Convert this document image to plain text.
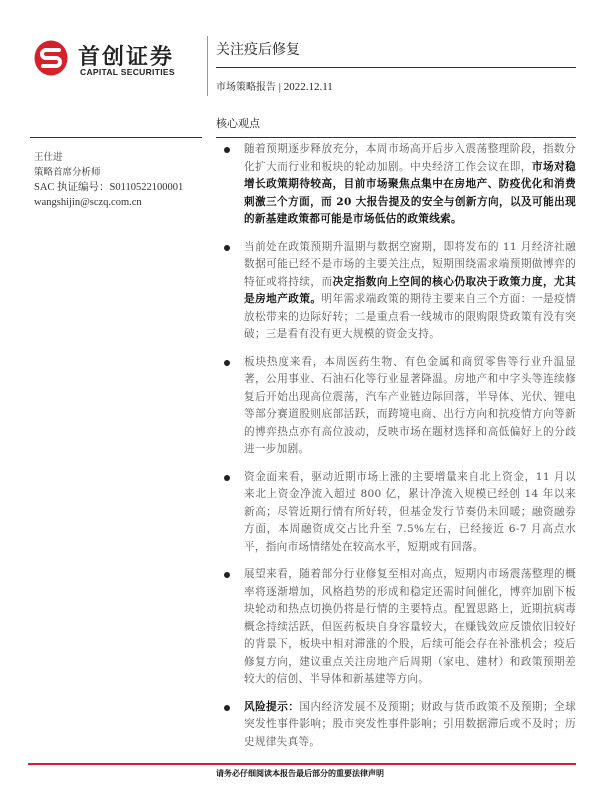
首创证券
CAPITAL SECURITIES
关注疫后修复
市场策略报告 | 2022.12.11
核心观点
王仕进
策略首席分析师
SAC 执证编号：S0110522100001
wangshijin@sczq.com.cn

随着预期逐步释放充分，本周市场高开后步入震荡整理阶段，指数分化扩大而行业和板块的轮动加剧。中央经济工作会议在即，市场对稳增长政策期待较高，目前市场聚焦点集中在房地产、防疫优化和消费刺激三个方面，而 20 大报告提及的安全与创新方向，以及可能出现的新基建政策都可能是市场低估的政策线索。

当前处在政策预期升温期与数据空窗期，即将发布的 11 月经济社融数据可能已经不是市场的主要关注点，短期围绕需求端预期做博弈的特征或将持续，而决定指数向上空间的核心仍取决于政策力度，尤其是房地产政策。明年需求端政策的期待主要来自三个方面：一是疫情放松带来的边际好转；二是重点看一线城市的限购限贷政策有没有突破；三是看有没有更大规模的资金支持。

板块热度来看，本周医药生物、有色金属和商贸零售等行业升温显著，公用事业、石油石化等行业显著降温。房地产和中字头等连续修复后开始出现高位震荡，汽车产业链边际回落，半导体、光伏、锂电等部分赛道股则底部活跃，而跨境电商、出行方向和抗疫情方向等新的博弈热点亦有高位波动，反映市场在题材选择和高低偏好上的分歧进一步加剧。

资金面来看，驱动近期市场上涨的主要增量来自北上资金，11 月以来北上资金净流入超过 800 亿，累计净流入规模已经创 14 年以来新高；尽管近期行情有所好转，但基金发行节奏仍未回暖；融资融券方面，本周融资成交占比升至 7.5%左右，已经接近 6-7 月高点水平，指向市场情绪处在较高水平，短期或有回落。

展望来看，随着部分行业修复至相对高点，短期内市场震荡整理的概率将逐渐增加，风格趋势的形成和稳定还需时间催化，博弈加剧下板块轮动和热点切换仍将是行情的主要特点。配置思路上，近期抗病毒概念持续活跃，但医药板块自身容量较大，在赚钱效应反馈依旧较好的背景下，板块中相对滞涨的个股，后续可能会存在补涨机会；疫后修复方向，建议重点关注房地产后周期（家电、建材）和政策预期差较大的信创、半导体和新基建等方向。

风险提示：国内经济发展不及预期；财政与货币政策不及预期；全球突发性事件影响；股市突发性事件影响；引用数据滞后或不及时；历史规律失真等。

请务必仔细阅读本报告最后部分的重要法律声明
